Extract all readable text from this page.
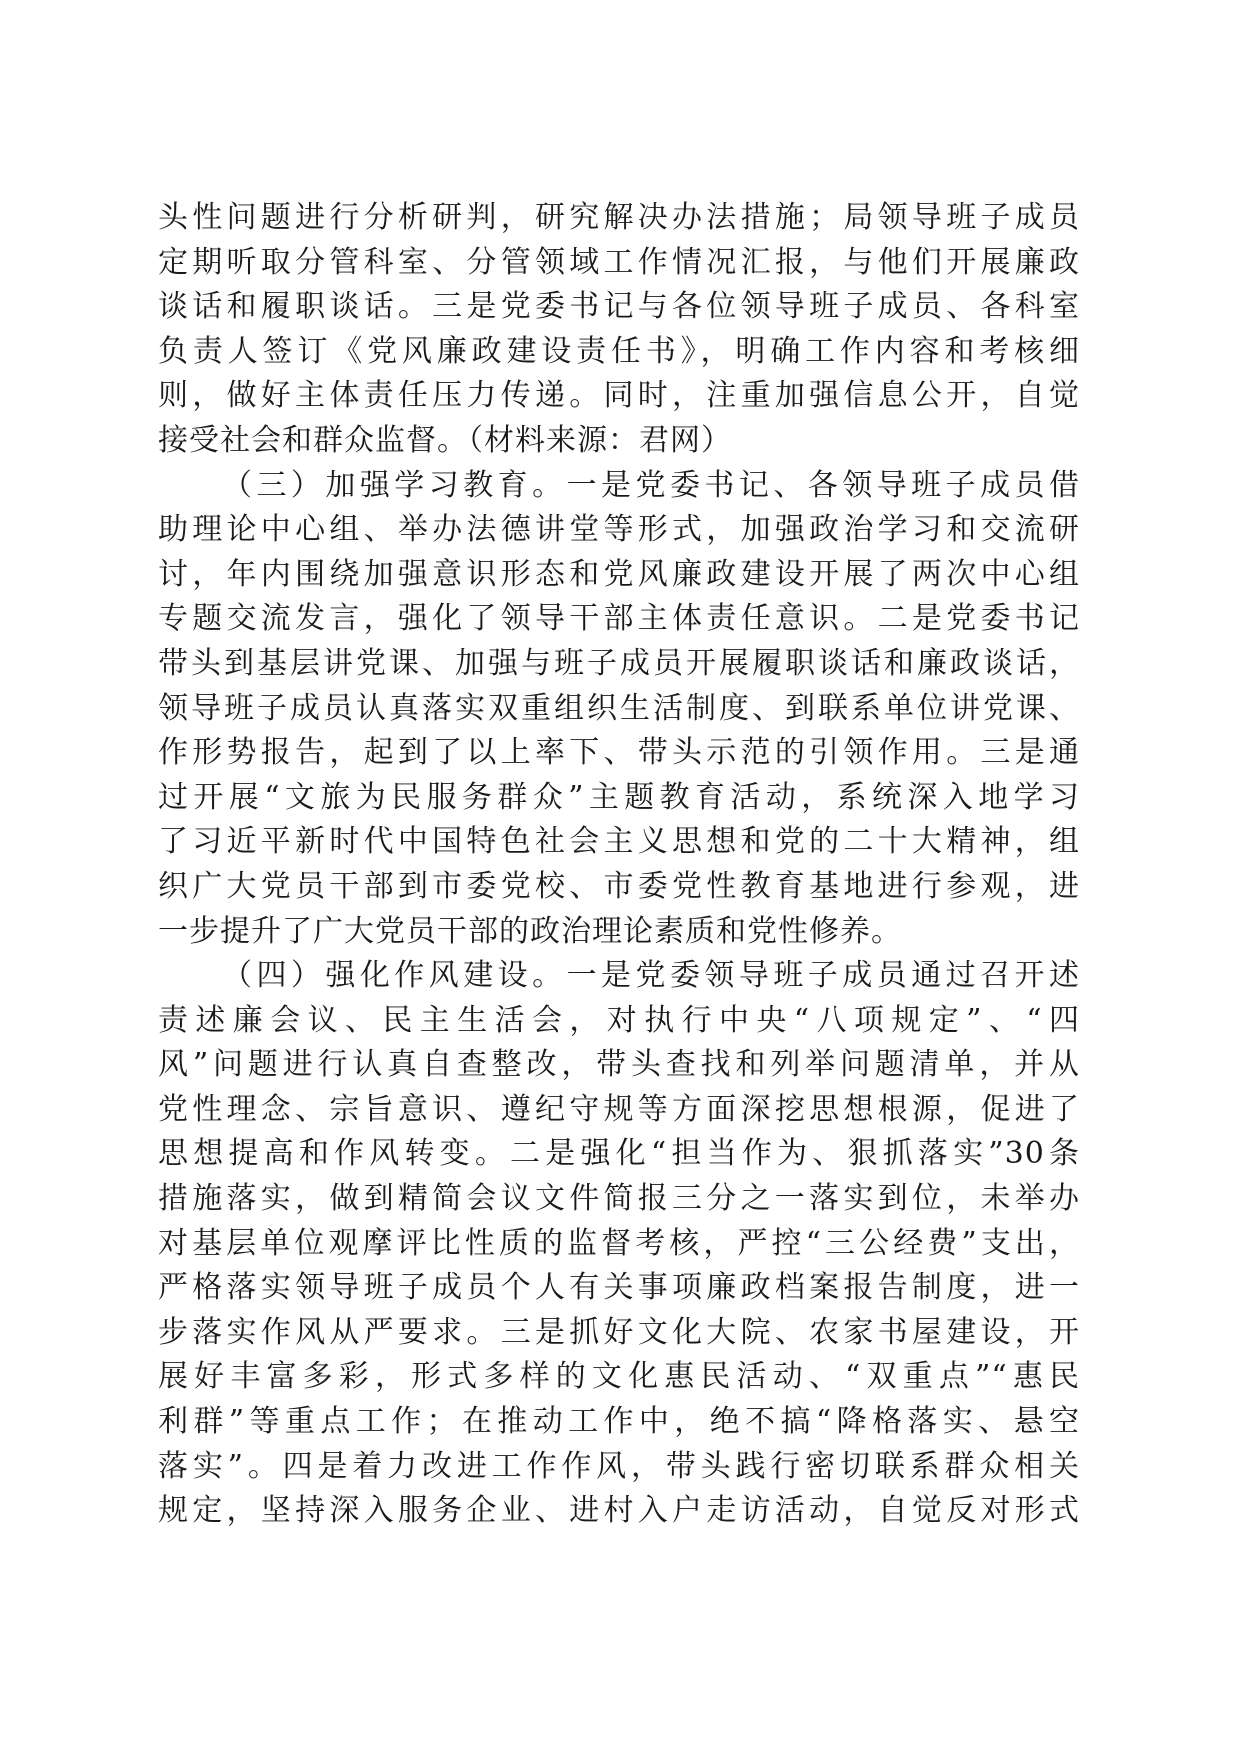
头性问题进行分析研判，研究解决办法措施；局领导班子成员
定期听取分管科室、分管领域工作情况汇报，与他们开展廉政
谈话和履职谈话。三是党委书记与各位领导班子成员、各科室
负责人签订《党风廉政建设责任书》，明确工作内容和考核细
则，做好主体责任压力传递。同时，注重加强信息公开，自觉
接受社会和群众监督。（材料来源：君网）
（三）加强学习教育。一是党委书记、各领导班子成员借
助理论中心组、举办法德讲堂等形式，加强政治学习和交流研
讨，年内围绕加强意识形态和党风廉政建设开展了两次中心组
专题交流发言，强化了领导干部主体责任意识。二是党委书记
带头到基层讲党课、加强与班子成员开展履职谈话和廉政谈话，
领导班子成员认真落实双重组织生活制度、到联系单位讲党课、
作形势报告，起到了以上率下、带头示范的引领作用。三是通
过开展“文旅为民服务群众”主题教育活动，系统深入地学习
了习近平新时代中国特色社会主义思想和党的二十大精神，组
织广大党员干部到市委党校、市委党性教育基地进行参观，进
一步提升了广大党员干部的政治理论素质和党性修养。
（四）强化作风建设。一是党委领导班子成员通过召开述
责述廉会议、民主生活会，对执行中央“八项规定”、“四
风”问题进行认真自查整改，带头查找和列举问题清单，并从
党性理念、宗旨意识、遵纪守规等方面深挖思想根源，促进了
思想提高和作风转变。二是强化“担当作为、狠抓落实”30条
措施落实，做到精简会议文件简报三分之一落实到位，未举办
对基层单位观摩评比性质的监督考核，严控“三公经费”支出，
严格落实领导班子成员个人有关事项廉政档案报告制度，进一
步落实作风从严要求。三是抓好文化大院、农家书屋建设，开
展好丰富多彩，形式多样的文化惠民活动、“双重点”“惠民
利群”等重点工作；在推动工作中，绝不搞“降格落实、悬空
落实”。四是着力改进工作作风，带头践行密切联系群众相关
规定，坚持深入服务企业、进村入户走访活动，自觉反对形式
